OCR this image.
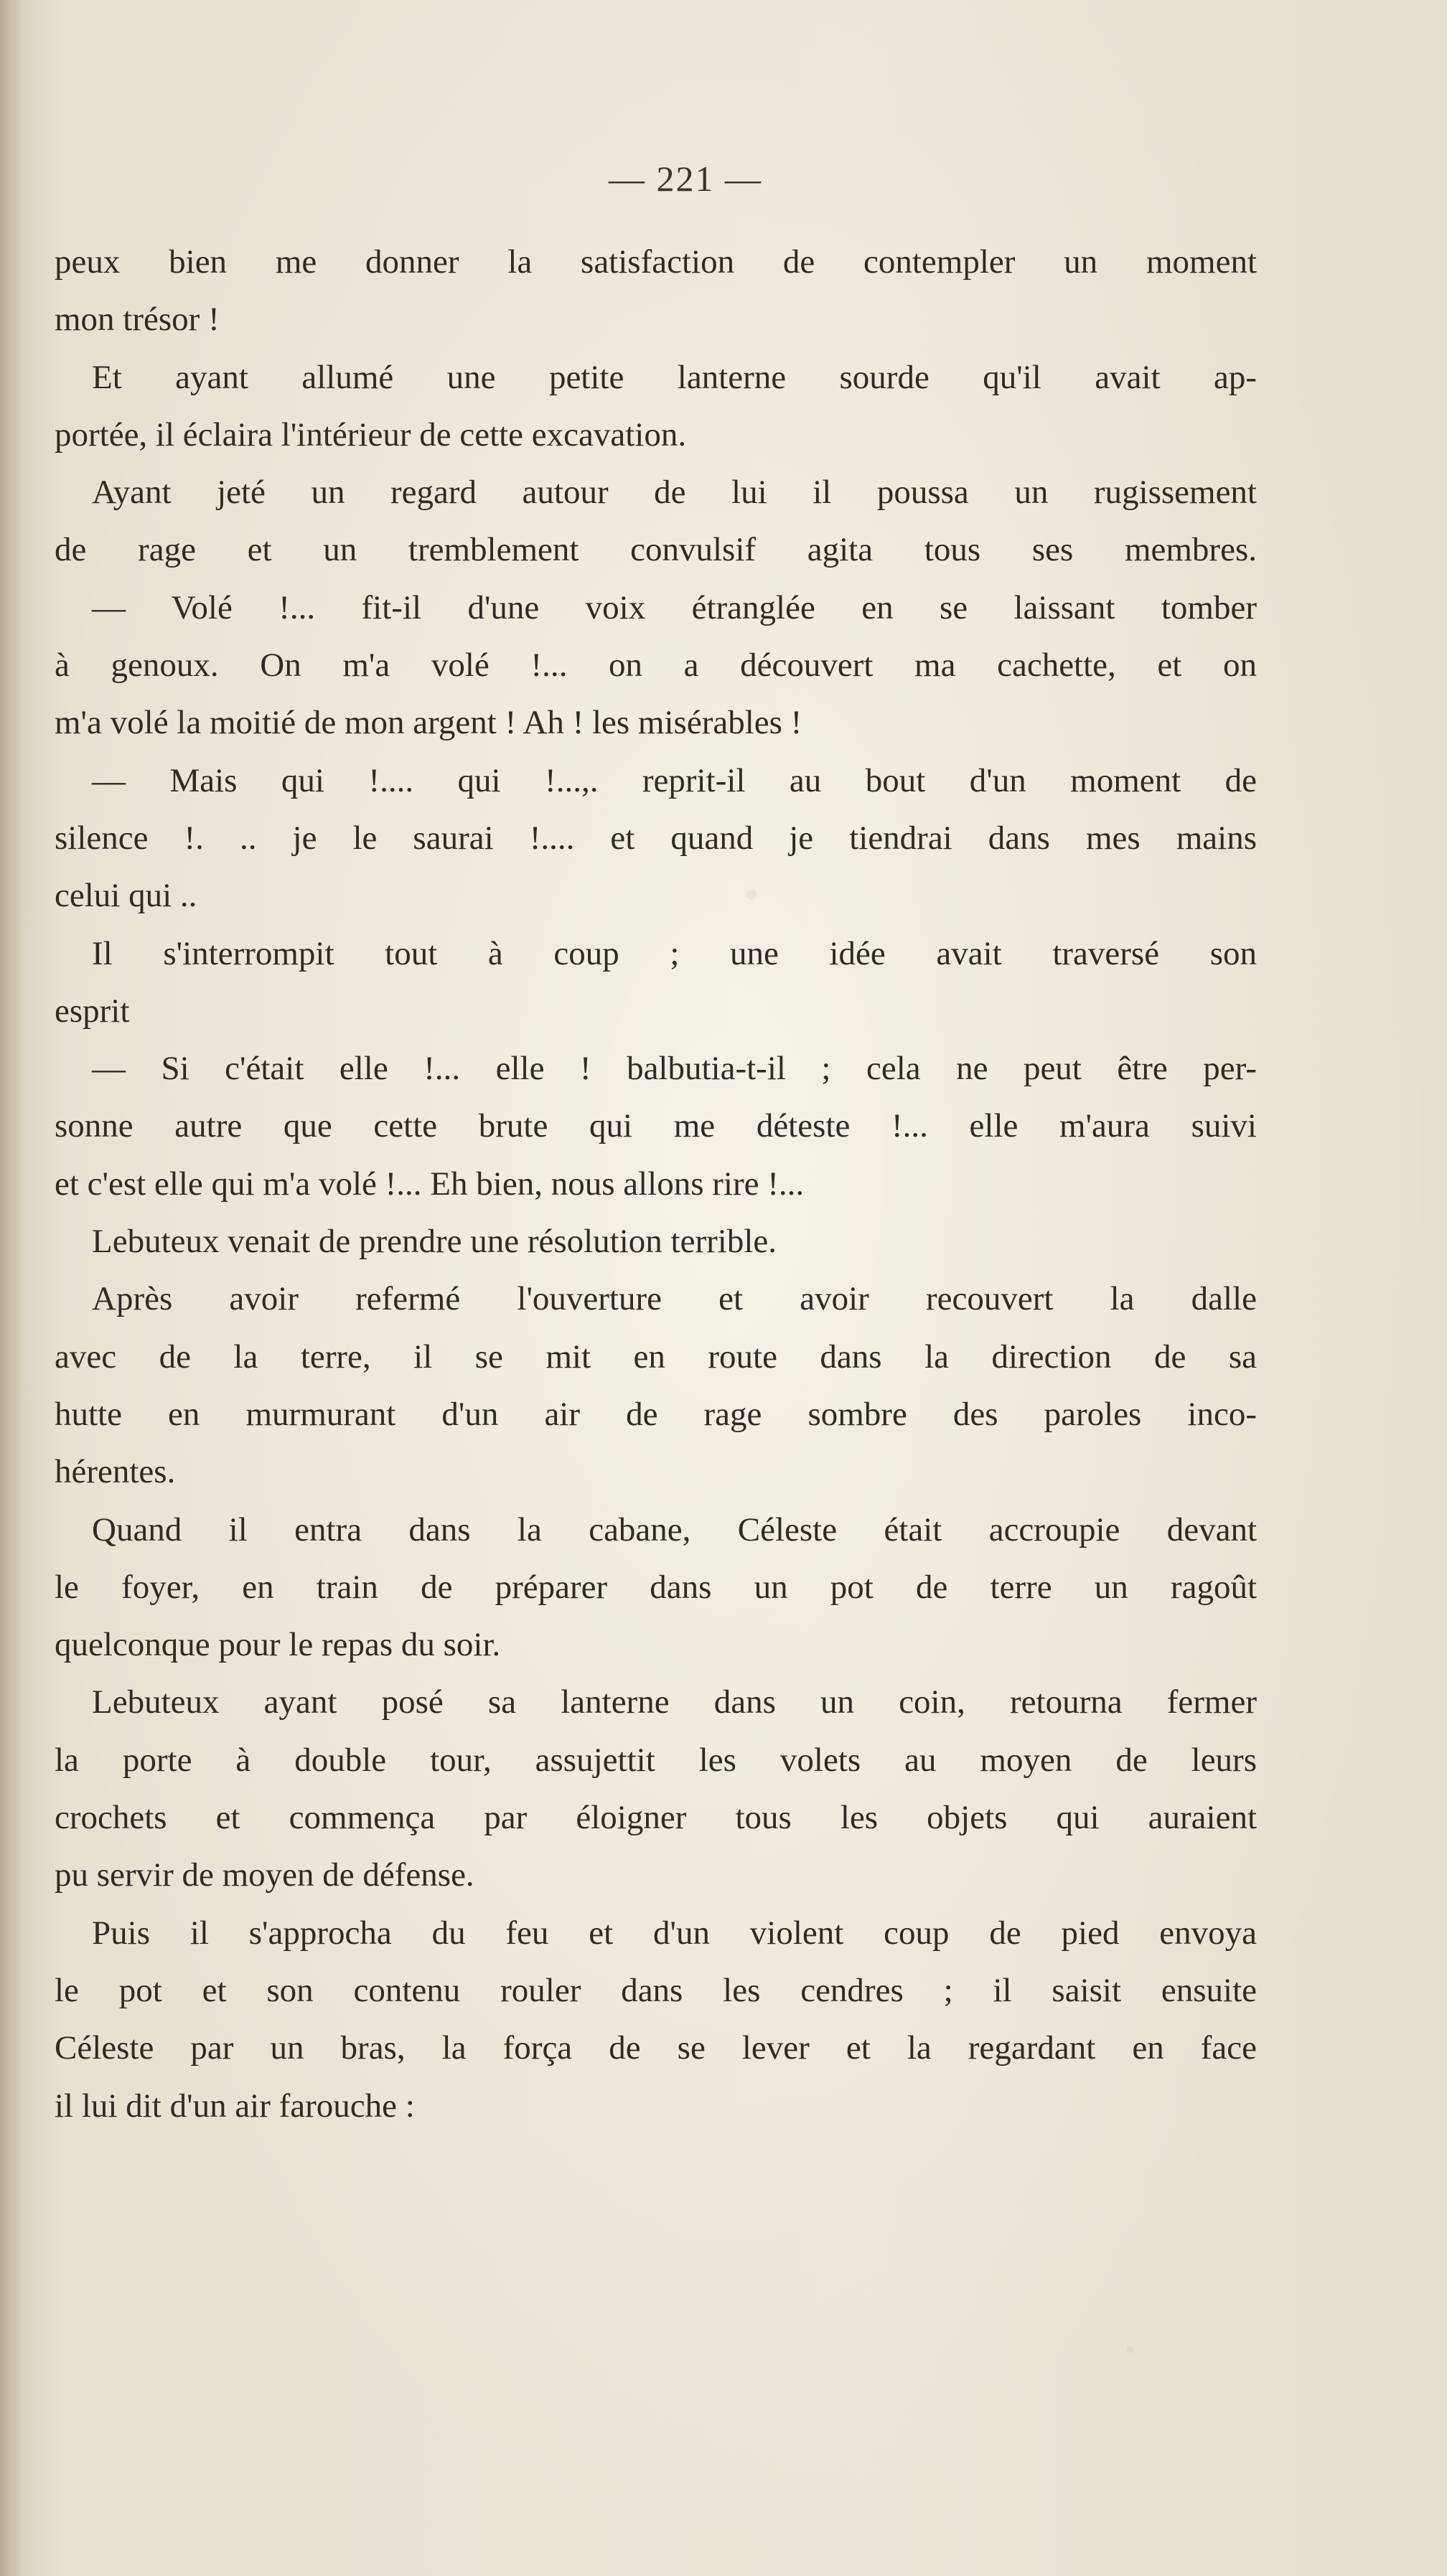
— 221 —
peux bien me donner la satisfaction de contempler un moment
mon trésor !
Et ayant allumé une petite lanterne sourde qu'il avait ap-
portée, il éclaira l'intérieur de cette excavation.
Ayant jeté un regard autour de lui il poussa un rugissement
de rage et un tremblement convulsif agita tous ses membres.
— Volé !... fit-il d'une voix étranglée en se laissant tomber
à genoux. On m'a volé !... on a découvert ma cachette, et on
m'a volé la moitié de mon argent ! Ah ! les misérables !
— Mais qui !.... qui !...,. reprit-il au bout d'un moment de
silence !. .. je le saurai !.... et quand je tiendrai dans mes mains
celui qui ..
Il s'interrompit tout à coup ; une idée avait traversé son
esprit
— Si c'était elle !... elle ! balbutia-t-il ; cela ne peut être per-
sonne autre que cette brute qui me déteste !... elle m'aura suivi
et c'est elle qui m'a volé !... Eh bien, nous allons rire !...
Lebuteux venait de prendre une résolution terrible.
Après avoir refermé l'ouverture et avoir recouvert la dalle
avec de la terre, il se mit en route dans la direction de sa
hutte en murmurant d'un air de rage sombre des paroles inco-
hérentes.
Quand il entra dans la cabane, Céleste était accroupie devant
le foyer, en train de préparer dans un pot de terre un ragoût
quelconque pour le repas du soir.
Lebuteux ayant posé sa lanterne dans un coin, retourna fermer
la porte à double tour, assujettit les volets au moyen de leurs
crochets et commença par éloigner tous les objets qui auraient
pu servir de moyen de défense.
Puis il s'approcha du feu et d'un violent coup de pied envoya
le pot et son contenu rouler dans les cendres ; il saisit ensuite
Céleste par un bras, la força de se lever et la regardant en face
il lui dit d'un air farouche :
